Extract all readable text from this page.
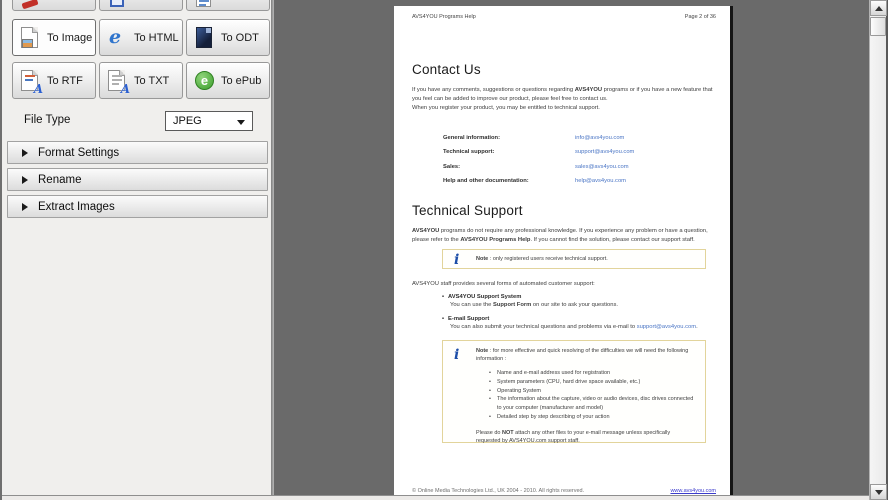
To Image e To HTML	To ODT
A
To RTF
A
To TXT e	To ePub
File Type	JPEG
Format Settings
Rename
Extract Images
AVS4YOU Programs Help	Page 2 of 36
Contact Us
If you have any comments, suggestions or questions regarding AVS4YOU programs or if you have a new feature that you feel can be added to improve our product, please feel free to contact us.
When you register your product, you may be entitled to technical support.
General information:	info@avs4you.com
Technical support:	support@avs4you.com
Sales:	sales@avs4you.com
Help and other documentation:	help@avs4you.com
Technical Support
AVS4YOU programs do not require any professional knowledge. If you experience any problem or have a question, please refer to the AVS4YOU Programs Help. If you cannot find the solution, please contact our support staff.
i
Note : only registered users receive technical support.
AVS4YOU staff provides several forms of automated customer support:
• AVS4YOU Support System
You can use the Support Form on our site to ask your questions.
• E-mail Support
You can also submit your technical questions and problems via e-mail to support@avs4you.com.
i
Note : for more effective and quick resolving of the difficulties we will need the following information :
• Name and e-mail address used for registration
• System parameters (CPU, hard drive space available, etc.)
• Operating System
• The information about the capture, video or audio devices, disc drives connected to your computer (manufacturer and model)
• Detailed step by step describing of your action
Please do NOT attach any other files to your e-mail message unless specifically requested by AVS4YOU.com support staff.
© Online Media Technologies Ltd., UK 2004 - 2010. All rights reserved.	www.avs4you.com
